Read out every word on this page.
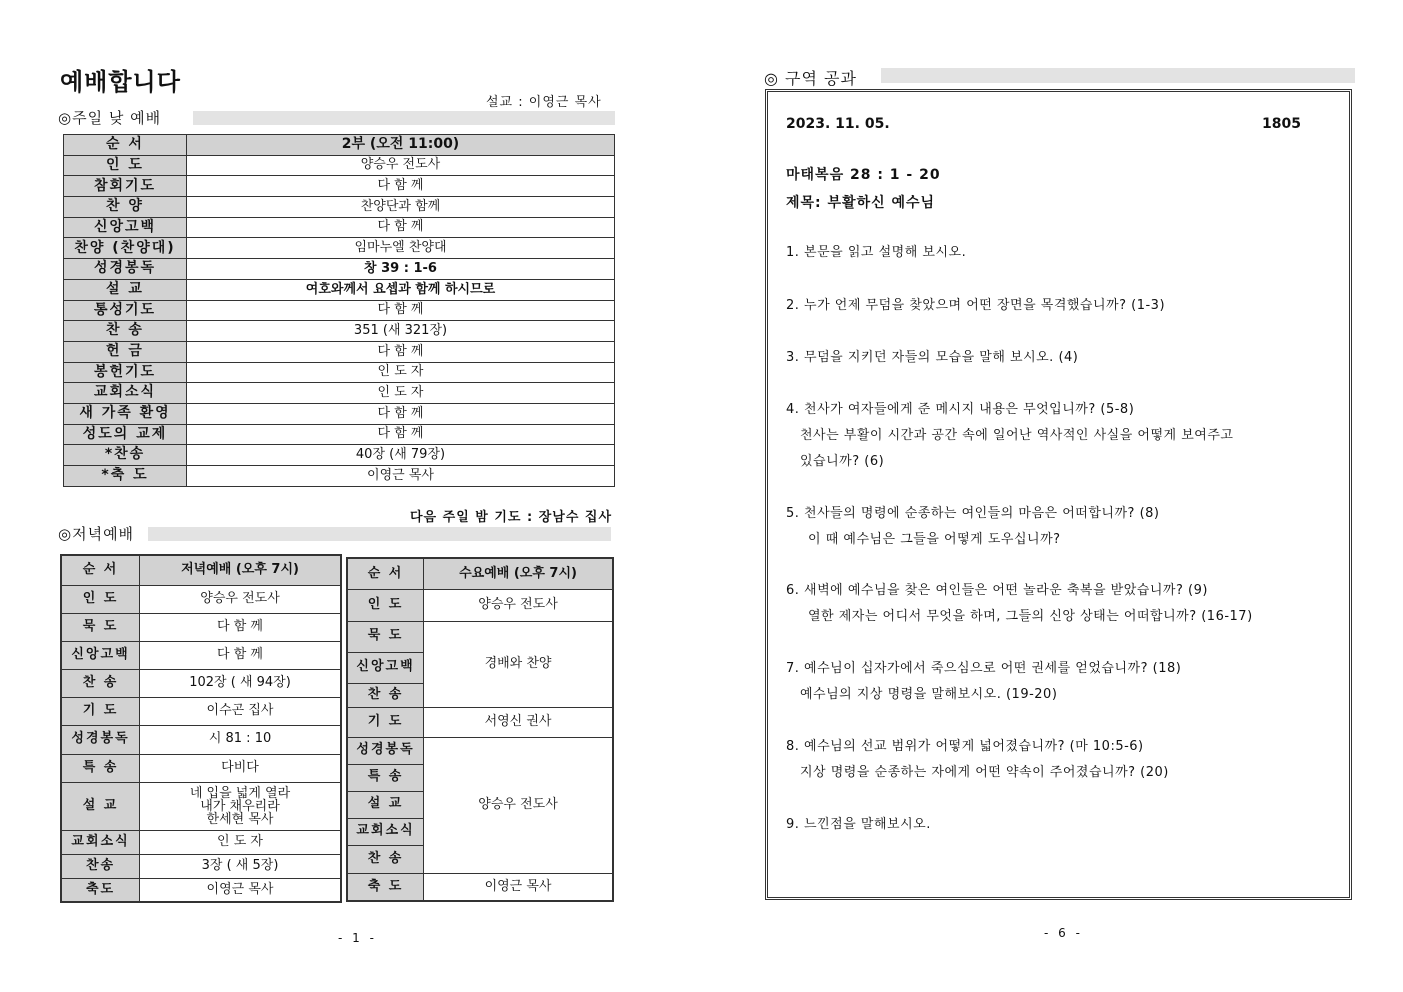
예배합니다
설교 : 이영근 목사
◎주일 낮 예배
순 서	2부 (오전 11:00)
인 도	양승우 전도사
참회기도	다 함 께
찬 양	찬양단과 함께
신앙고백	다 함 께
찬양 (찬양대)	임마누엘 찬양대
성경봉독	창 39 : 1-6
설 교	여호와께서 요셉과 함께 하시므로
통성기도	다 함 께
찬 송	351 (새 321장)
헌 금	다 함 께
봉헌기도	인 도 자
교회소식	인 도 자
새 가족 환영	다 함 께
성도의 교제	다 함 께
*찬송	40장 (새 79장)
*축 도	이영근 목사
다음 주일 밤 기도 : 장남수 집사
◎저녁예배
순 서	저녁예배 (오후 7시)
인 도	양승우 전도사
묵 도	다 함 께
신앙고백	다 함 께
찬 송	102장 ( 새 94장)
기 도	이수곤 집사
성경봉독	시 81 : 10
특 송	다비다
설 교	네 입을 넓게 열라
내가 채우리라
한세현 목사

교회소식	인 도 자
찬송	3장 ( 새 5장)
축도	이영근 목사
순 서	수요예배 (오후 7시)
인 도	양승우 전도사
묵 도	경배와 찬양
신앙고백	
찬 송	
기 도	서영신 권사
성경봉독	양승우 전도사
특 송	
설 교	
교회소식	
찬 송	
축 도	이영근 목사
- 1 -
◎ 구역 공과
2023. 11. 05.	1805
마태복음 28 : 1 - 20
제목: 부활하신 예수님
1. 본문을 읽고 설명해 보시오.
2. 누가 언제 무덤을 찾았으며 어떤 장면을 목격했습니까? (1-3)
3. 무덤을 지키던 자들의 모습을 말해 보시오. (4)
4. 천사가 여자들에게 준 메시지 내용은 무엇입니까? (5-8)
천사는 부활이 시간과 공간 속에 일어난 역사적인 사실을 어떻게 보여주고
있습니까? (6)
5. 천사들의 명령에 순종하는 여인들의 마음은 어떠합니까? (8)
이 때 예수님은 그들을 어떻게 도우십니까?
6. 새벽에 예수님을 찾은 여인들은 어떤 놀라운 축복을 받았습니까? (9)
열한 제자는 어디서 무엇을 하며, 그들의 신앙 상태는 어떠합니까? (16-17)
7. 예수님이 십자가에서 죽으심으로 어떤 권세를 얻었습니까? (18)
예수님의 지상 명령을 말해보시오. (19-20)
8. 예수님의 선교 범위가 어떻게 넓어졌습니까? (마 10:5-6)
지상 명령을 순종하는 자에게 어떤 약속이 주어졌습니까? (20)
9. 느낀점을 말해보시오.
- 6 -
